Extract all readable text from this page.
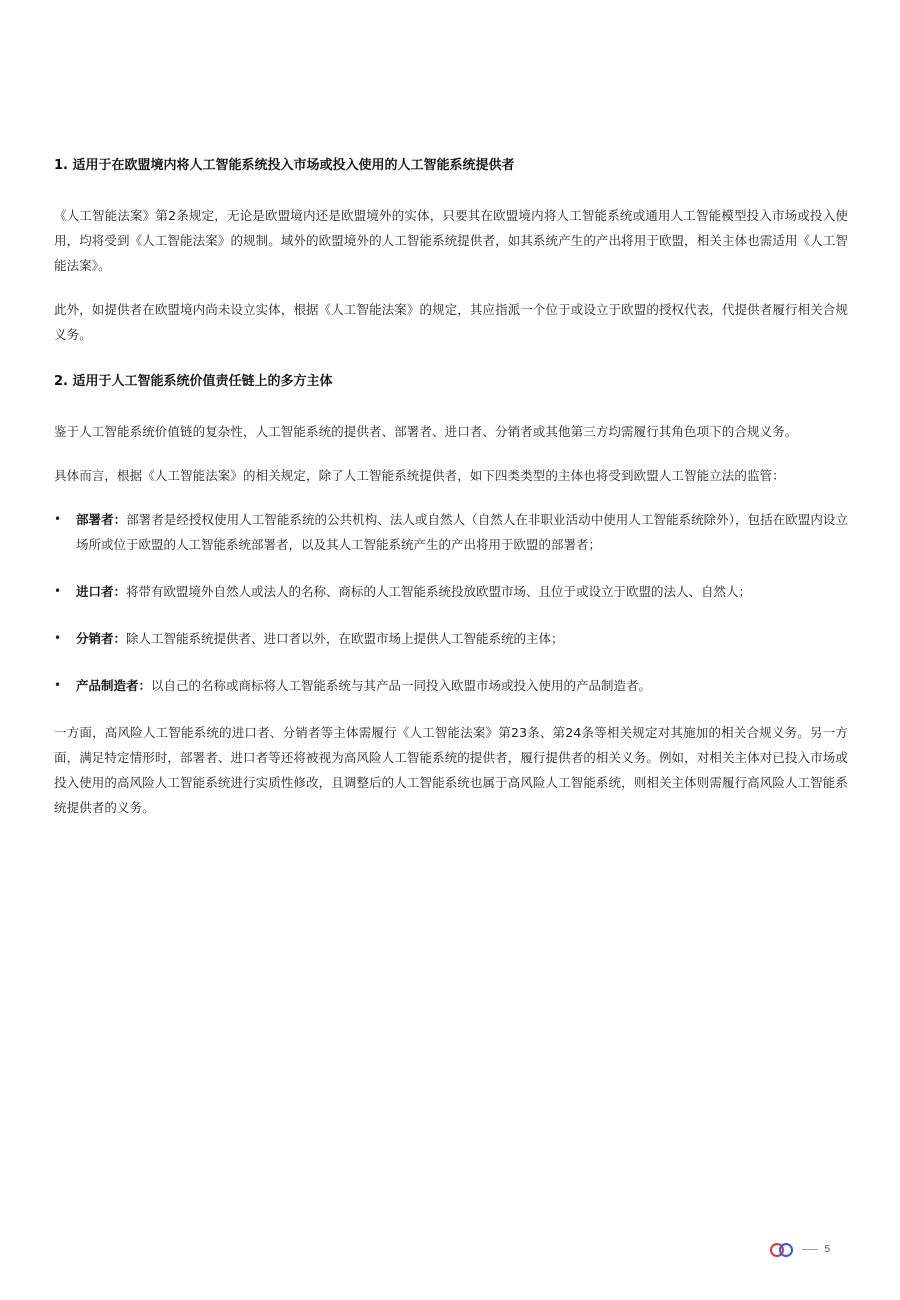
1. 适用于在欧盟境内将人工智能系统投入市场或投入使用的人工智能系统提供者

《人工智能法案》第2条规定，无论是欧盟境内还是欧盟境外的实体，只要其在欧盟境内将人工智能系统或通用人工智能模型投入市场或投入使用，均将受到《人工智能法案》的规制。域外的欧盟境外的人工智能系统提供者，如其系统产生的产出将用于欧盟，相关主体也需适用《人工智能法案》。

此外，如提供者在欧盟境内尚未设立实体，根据《人工智能法案》的规定，其应指派一个位于或设立于欧盟的授权代表，代提供者履行相关合规义务。

2. 适用于人工智能系统价值责任链上的多方主体

鉴于人工智能系统价值链的复杂性，人工智能系统的提供者、部署者、进口者、分销者或其他第三方均需履行其角色项下的合规义务。

具体而言，根据《人工智能法案》的相关规定，除了人工智能系统提供者，如下四类类型的主体也将受到欧盟人工智能立法的监管：

• 部署者：部署者是经授权使用人工智能系统的公共机构、法人或自然人（自然人在非职业活动中使用人工智能系统除外），包括在欧盟内设立场所或位于欧盟的人工智能系统部署者，以及其人工智能系统产生的产出将用于欧盟的部署者；
• 进口者：将带有欧盟境外自然人或法人的名称、商标的人工智能系统投放欧盟市场、且位于或设立于欧盟的法人、自然人；
• 分销者：除人工智能系统提供者、进口者以外，在欧盟市场上提供人工智能系统的主体；
• 产品制造者：以自己的名称或商标将人工智能系统与其产品一同投入欧盟市场或投入使用的产品制造者。

一方面，高风险人工智能系统的进口者、分销者等主体需履行《人工智能法案》第23条、第24条等相关规定对其施加的相关合规义务。另一方面，满足特定情形时，部署者、进口者等还将被视为高风险人工智能系统的提供者，履行提供者的相关义务。例如，对相关主体对已投入市场或投入使用的高风险人工智能系统进行实质性修改，且调整后的人工智能系统也属于高风险人工智能系统，则相关主体则需履行高风险人工智能系统提供者的义务。

5
